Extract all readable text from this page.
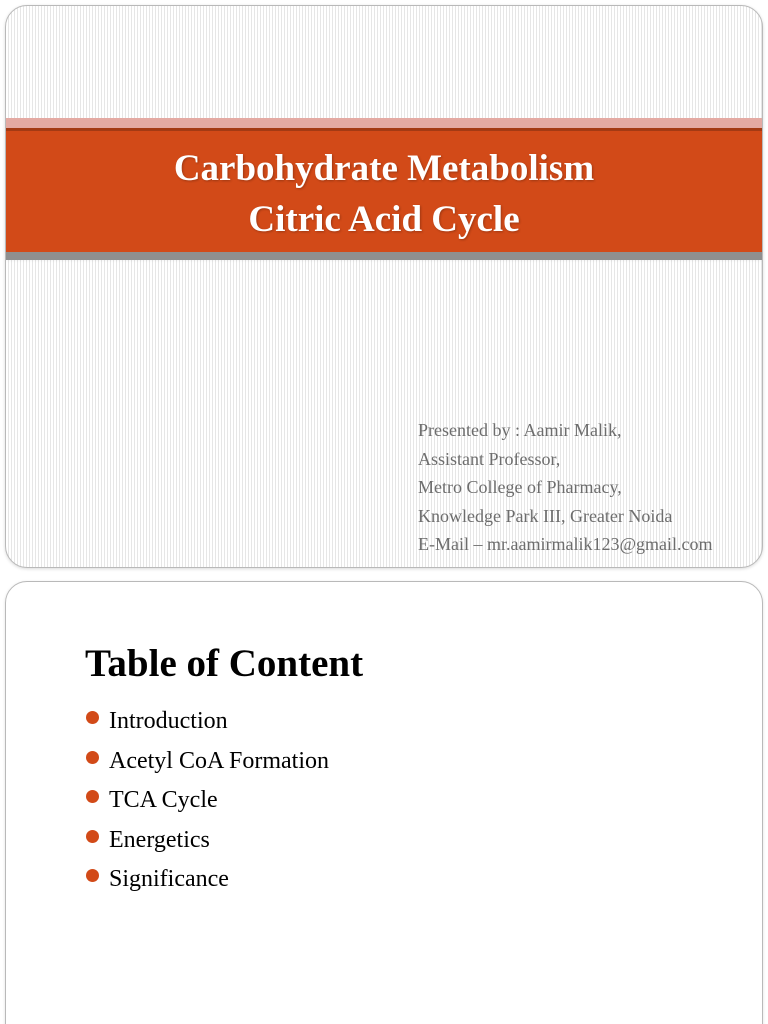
Carbohydrate Metabolism
Citric Acid Cycle
Presented by : Aamir Malik,
Assistant Professor,
Metro College of Pharmacy,
Knowledge Park III, Greater Noida
E-Mail – mr.aamirmalik123@gmail.com
Table of Content
Introduction
Acetyl CoA Formation
TCA Cycle
Energetics
Significance
